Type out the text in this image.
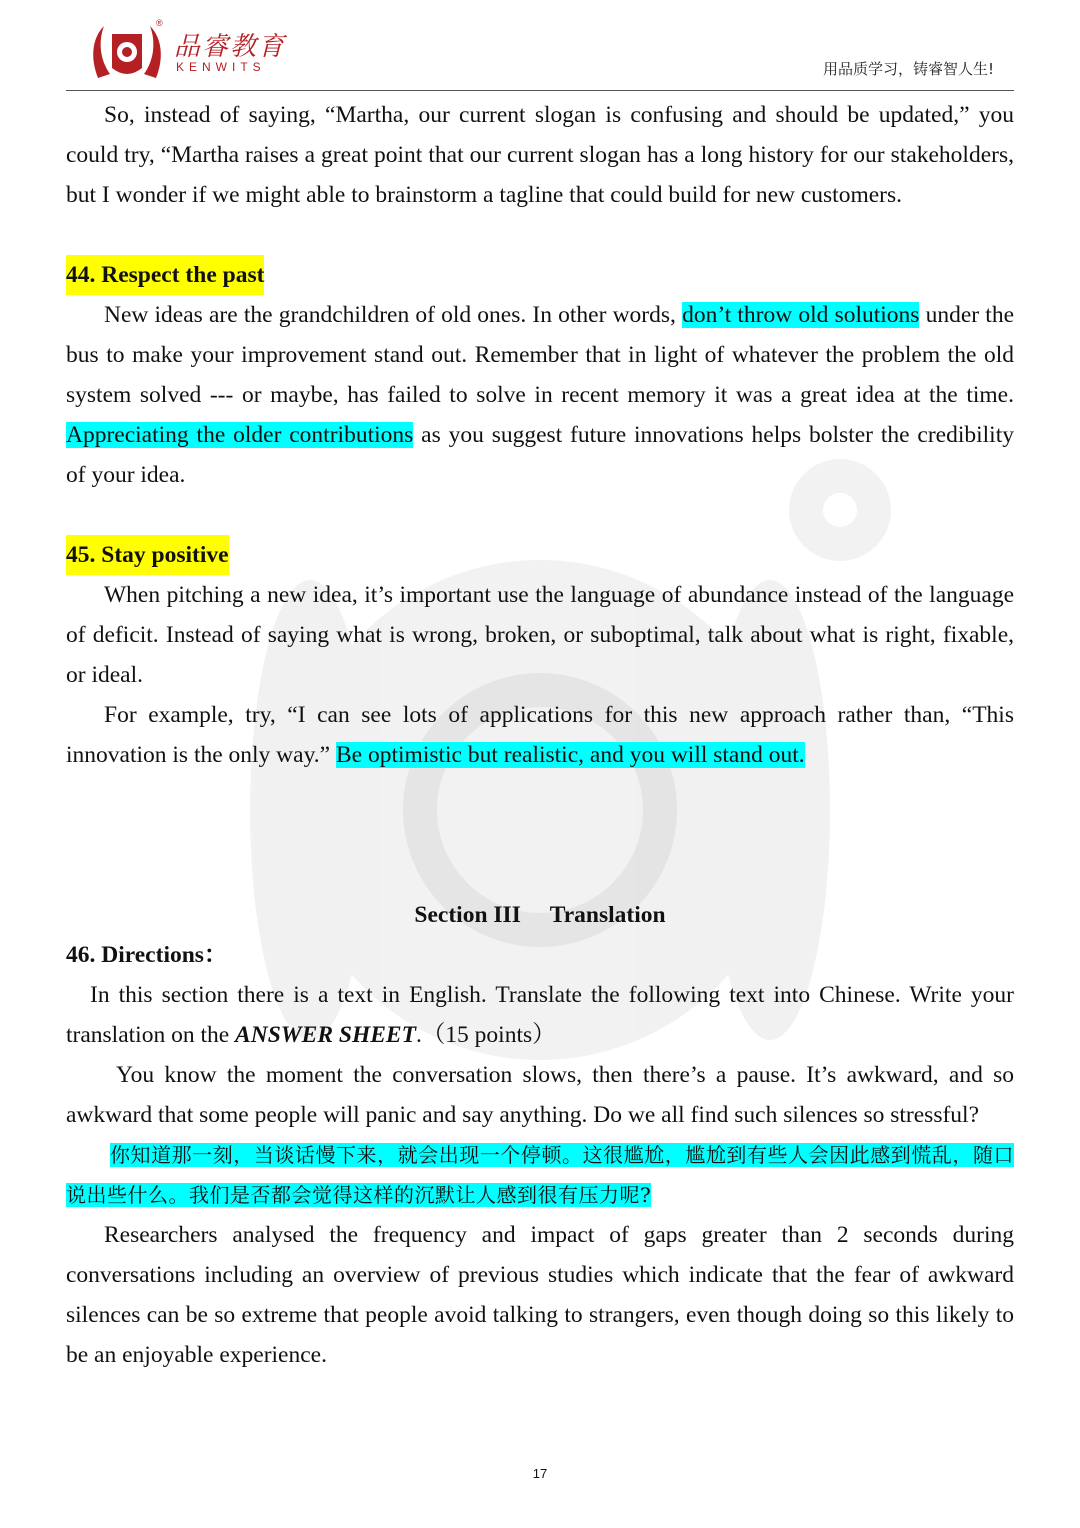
®
品睿教育
KENWITS	用品质学习，铸睿智人生!

So, instead of saying, “Martha, our current slogan is confusing and should be updated,” you could try, “Martha raises a great point that our current slogan has a long history for our stakeholders, but I wonder if we might able to brainstorm a tagline that could build for new customers.

44. Respect the past

New ideas are the grandchildren of old ones. In other words, don’t throw old solutions under the bus to make your improvement stand out. Remember that in light of whatever the problem the old system solved --- or maybe, has failed to solve in recent memory it was a great idea at the time. Appreciating the older contributions as you suggest future innovations helps bolster the credibility of your idea.

45. Stay positive

When pitching a new idea, it’s important use the language of abundance instead of the language of deficit. Instead of saying what is wrong, broken, or suboptimal, talk about what is right, fixable, or ideal.

For example, try, “I can see lots of applications for this new approach rather than, “This innovation is the only way.” Be optimistic but realistic, and you will stand out.

Section III     Translation

46. Directions：

In this section there is a text in English. Translate the following text into Chinese. Write your translation on the ANSWER SHEET.（15 points）

You know the moment the conversation slows, then there’s a pause. It’s awkward, and so awkward that some people will panic and say anything. Do we all find such silences so stressful?

你知道那一刻，当谈话慢下来，就会出现一个停顿。这很尴尬，尴尬到有些人会因此感到慌乱，随口说出些什么。我们是否都会觉得这样的沉默让人感到很有压力呢?

Researchers analysed the frequency and impact of gaps greater than 2 seconds during conversations including an overview of previous studies which indicate that the fear of awkward silences can be so extreme that people avoid talking to strangers, even though doing so this likely to be an enjoyable experience.

17
